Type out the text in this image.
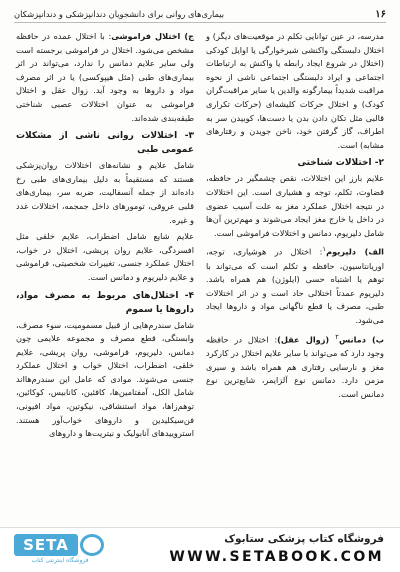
۱۶
بیماری‌های روانی برای دانشجویان دندانپزشکی و دندانپزشکان

مدرسه، در عین توانایی تکلم در موقعیت‌های دیگر) و اختلال دلبستگی واکنشی شیرخوارگی یا اوایل کودکی (اختلال در شروع ایجاد رابطه یا واکنش به ارتباطات اجتماعی و ایراد دلبستگی اجتماعی ناشی از نحوه مراقبت شدیداً بیمارگونه والدین یا سایر مراقبت‌گران کودک) و اختلال حرکات کلیشه‌ای (حرکات تکراری قالبی مثل تکان دادن بدن یا دست‌ها، کوبیدن سر به اطراف، گاز گرفتن خود، ناخن جویدن و رفتارهای مشابه) است.

۲- اختلالات شناختی

علایم بارز این اختلالات، نقص چشمگیر در حافظه، قضاوت، تکلم، توجه و هشیاری است. این اختلالات در نتیجه اختلال عملکرد مغز به علت آسیب عضوی در داخل یا خارج مغز ایجاد می‌شوند و مهم‌ترین آن‌ها شامل دلیریوم، دمانس و اختلالات فراموشی است.

الف) دلیریوم$^۱$: اختلال در هوشیاری، توجه، اوریانتاسیون، حافظه و تکلم است که می‌تواند با توهم یا اشتباه حسی (ایلوژن) هم همراه باشد. دلیریوم عمدتاً اختلالی حاد است و در اثر اختلالات طبی، مصرف یا قطع ناگهانی مواد و داروها ایجاد می‌شود.

ب) دمانس$^۲$ (زوال عقل): اختلال در حافظه وجود دارد که می‌تواند با سایر علایم اختلال در کارکرد مغز و نارسایی رفتاری هم همراه باشد و سیری مزمن دارد. دمانس نوع آلزایمر، شایع‌ترین نوع دمانس است.

ج) اختلال فراموشی: با اختلال عمده در حافظه مشخص می‌شود. اختلال در فراموشی برجسته است ولی سایر علایم دمانس را ندارد، می‌تواند در اثر بیماری‌های طبی (مثل هیپوکسی) یا در اثر مصرف مواد و داروها به وجود آید. زوال عقل و اختلال فراموشی به عنوان اختلالات عصبی شناختی طبقه‌بندی شده‌اند.

۳- اختلالات روانی ناشی از مشکلات عمومی طبی

شامل علایم و نشانه‌های اختلالات روان‌پزشکی هستند که مستقیماً به دلیل بیماری‌های طبی رخ داده‌اند از جمله آنسفالیت، ضربه سر، بیماری‌های قلبی عروقی، تومورهای داخل جمجمه، اختلالات غدد و غیره.

علایم شایع شامل اضطراب، علایم خلقی مثل افسردگی، علایم روان پریشی، اختلال در خواب، اختلال عملکرد جنسی، تغییرات شخصیتی، فراموشی و علایم دلیریوم و دمانس است.

۴- اختلال‌های مربوط به مصرف مواد، داروها یا سموم

شامل سندرم‌هایی از قبیل مسمومیت، سوء مصرف، وابستگی، قطع مصرف و مجموعه علایمی چون دمانس، دلیریوم، فراموشی، روان پریشی، علایم خلقی، اضطراب، اختلال خواب و اختلال عملکرد جنسی می‌شوند. موادی که عامل این سندرم‌ها‌اند شامل الکل، آمفتامین‌ها، کافئین، کانابیس، کوکائین، توهم‌زاها، مواد استنشاقی، نیکوتین، مواد افیونی، فن‌سیکلیدین و داروهای خواب‌آور هستند. استروییدهای آنابولیک و نیتریت‌ها و داروهای

SETA
فروشگاه اینترنتی کتاب
فروشگاه کتاب پزشکی ستابوک
WWW.SETABOOK.COM
